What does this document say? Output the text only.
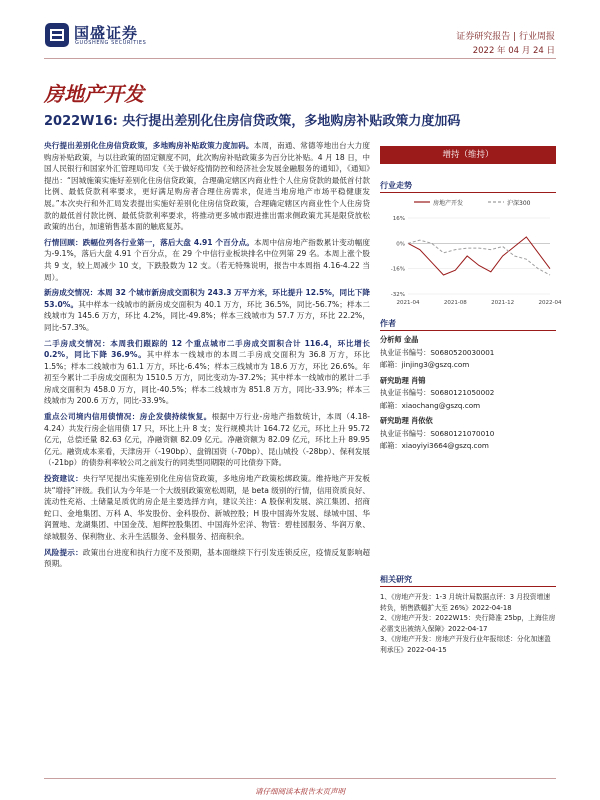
国盛证券
GUOSHENG SECURITIES
证券研究报告 | 行业周报
2022 年 04 月 24 日
房地产开发
2022W16: 央行提出差别化住房信贷政策，多地购房补贴政策力度加码

央行提出差别化住房信贷政策，多地购房补贴政策力度加码。本周，南通、常德等地出台大力度购房补贴政策，与以往政策的固定额度不同，此次购房补贴政策多为百分比补贴。4 月 18 日，中国人民银行和国家外汇管理局印发《关于做好疫情防控和经济社会发展金融服务的通知》，《通知》提出：“因城施策实施好差别化住房信贷政策，合理确定辖区内商业性个人住房贷款的最低首付款比例、最低贷款利率要求，更好满足购房者合理住房需求，促进当地房地产市场平稳健康发展。”本次央行和外汇局发表提出实施好差别化住房信贷政策，合理确定辖区内商业性个人住房贷款的最低首付款比例、最低贷款利率要求，将推动更多城市跟进推出需求侧政策尤其是限贷放松政策的出台，加速销售基本面的触底复苏。

行情回顾：跌幅位列各行业第一，落后大盘 4.91 个百分点。本周中信房地产指数累计变动幅度为-9.1%，落后大盘 4.91 个百分点，在 29 个中信行业板块排名中位列第 29 名。本周上涨个股共 9 支，较上周减少 10 支，下跌股数为 12 支。（若无特殊说明，报告中本周指 4.16-4.22 当周）。

新房成交情况：本周 32 个城市新房成交面积为 243.3 万平方米，环比提升 12.5%，同比下降 53.0%。其中样本一线城市的新房成交面积为 40.1 万方，环比 36.5%，同比-56.7%；样本二线城市为 145.6 万方，环比 4.2%，同比-49.8%；样本三线城市为 57.7 万方，环比 22.2%，同比-57.3%。

二手房成交情况：本周我们跟踪的 12 个重点城市二手房成交面积合计 116.4，环比增长 0.2%，同比下降 36.9%。其中样本一线城市的本周二手房成交面积为 36.8 万方，环比 1.5%；样本二线城市为 61.1 万方，环比-6.4%；样本三线城市为 18.6 万方，环比 26.6%。年初至今累计二手房成交面积为 1510.5 万方，同比变动为-37.2%；其中样本一线城市的累计二手房成交面积为 458.0 万方，同比-40.5%；样本二线城市为 851.8 万方，同比-33.9%；样本三线城市为 200.6 万方，同比-33.9%。

重点公司境内信用债情况：房企发债持续恢复。根据中万行业-房地产指数统计，本周（4.18-4.24）共发行房企信用债 17 只，环比上升 8 支；发行规模共计 164.72 亿元，环比上升 95.72 亿元，总偿还量 82.63 亿元，净融资额 82.09 亿元。净融资额为 82.09 亿元，环比上升 89.95 亿元。融资成本来看，天津房开（-190bp）、盘锦国资（-70bp）、昆山城投（-28bp）、保利发展（-21bp）的债券利率较公司之前发行的同类型同期限的可比债券下降。

投资建议：央行罕见提出实施差别化住房信贷政策，多地房地产政策松绑政策。维持地产开发板块“增持”评级。我们认为今年是一个大级别政策宽松周期，是 beta 级别的行情，信用资质良好、流动性充裕、土储量足质优的房企是主要选择方向，建议关注：A 股保利发展、滨江集团、招商蛇口、金地集团、万科 A、华发股份、金科股份、新城控股；H 股中国海外发展、绿城中国、华润置地、龙湖集团、中国金茂、旭辉控股集团、中国海外宏洋、物管：碧桂园服务、华润万象、绿城服务、保利物业、永升生活服务、金科服务、招商积余。

风险提示：政策出台进度和执行力度不及预期，基本面继续下行引发连锁反应，疫情反复影响超预期。

增持（维持）
行业走势
房地产开发	沪深300
16%
0%
-16%
-32%
2021-04	2021-08	2021-12	2022-04
作者
分析师 金晶
执业证书编号：S0680520030001
邮箱：jinjing3@gszq.com
研究助理 肖锦
执业证书编号：S0680121050002
邮箱：xiaochang@gszq.com
研究助理 肖依依
执业证书编号：S0680121070010
邮箱：xiaoyiyi3664@gszq.com
相关研究
1、《房地产开发：1-3 月统计局数据点评：3 月投资增速转负，销售跌幅扩大至 26%》2022-04-18
2、《房地产开发：2022W15：央行降准 25bp，上海住房必需支出被纳入保障》2022-04-17
3、《房地产开发：房地产开发行业年报综述：分化加速盈利承压》2022-04-15
请仔细阅读本报告末页声明
